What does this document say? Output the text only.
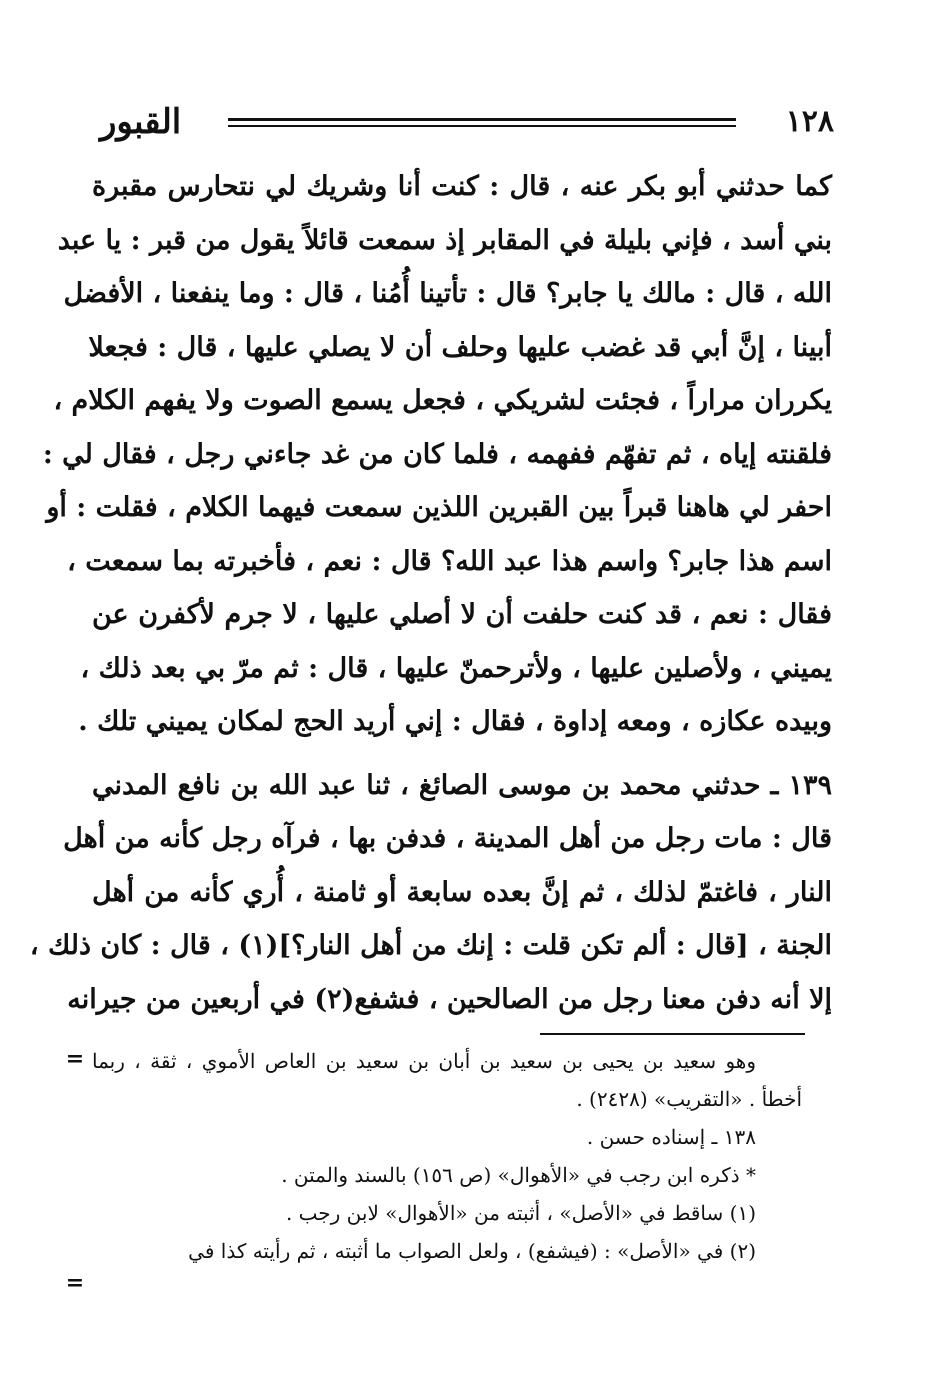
١٢٨
القبور
كما حدثني أبو بكر عنه ، قال : كنت أنا وشريك لي نتحارس مقبرة
بني أسد ، فإني بليلة في المقابر إذ سمعت قائلاً يقول من قبر : يا عبد
الله ، قال : مالك يا جابر؟ قال : تأتينا أُمُنا ، قال : وما ينفعنا ، الأفضل
أبينا ، إنَّ أبي قد غضب عليها وحلف أن لا يصلي عليها ، قال : فجعلا
يكرران مراراً ، فجئت لشريكي ، فجعل يسمع الصوت ولا يفهم الكلام ،
فلقنته إياه ، ثم تفهّم ففهمه ، فلما كان من غد جاءني رجل ، فقال لي :
احفر لي هاهنا قبراً بين القبرين اللذين سمعت فيهما الكلام ، فقلت : أو
اسم هذا جابر؟ واسم هذا عبد الله؟ قال : نعم ، فأخبرته بما سمعت ،
فقال : نعم ، قد كنت حلفت أن لا أصلي عليها ، لا جرم لأكفرن عن
يميني ، ولأصلين عليها ، ولأترحمنّ عليها ، قال : ثم مرّ بي بعد ذلك ،
وبيده عكازه ، ومعه إداوة ، فقال : إني أريد الحج لمكان يميني تلك .
١٣٩ ـ حدثني محمد بن موسى الصائغ ، ثنا عبد الله بن نافع المدني
قال : مات رجل من أهل المدينة ، فدفن بها ، فرآه رجل كأنه من أهل
النار ، فاغتمّ لذلك ، ثم إنَّ بعده سابعة أو ثامنة ، أُري كأنه من أهل
الجنة ، [قال : ألم تكن قلت : إنك من أهل النار؟](١) ، قال : كان ذلك ،
إلا أنه دفن معنا رجل من الصالحين ، فشفع(٢) في أربعين من جيرانه
= وهو سعيد بن يحيى بن سعيد بن أبان بن سعيد بن العاص الأموي ، ثقة ، ربما
أخطأ . «التقريب» (٢٤٢٨) .
١٣٨ ـ إسناده حسن .
* ذكره ابن رجب في «الأهوال» (ص ١٥٦) بالسند والمتن .
(١) ساقط في «الأصل» ، أثبته من «الأهوال» لابن رجب .
(٢) في «الأصل» : (فيشفع) ، ولعل الصواب ما أثبته ، ثم رأيته كذا في
=
